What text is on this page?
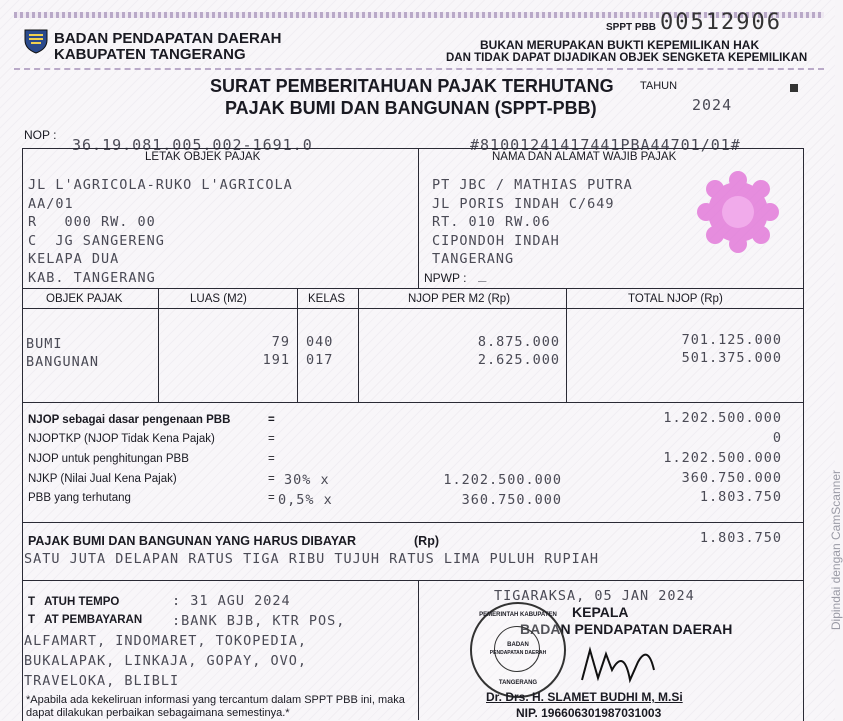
BADAN PENDAPATAN DAERAH
KABUPATEN TANGERANG
SPPT PBB 00512906
BUKAN MERUPAKAN BUKTI KEPEMILIKAN HAK
DAN TIDAK DAPAT DIJADIKAN OBJEK SENGKETA KEPEMILIKAN
SURAT PEMBERITAHUAN PAJAK TERHUTANG
PAJAK BUMI DAN BANGUNAN (SPPT-PBB)
TAHUN
2024
NOP :
36.19.081.005.002-1691.0	#81001241417441PBA44701/01#
LETAK OBJEK PAJAK	NAMA DAN ALAMAT WAJIB PAJAK
JL L'AGRICOLA-RUKO L'AGRICOLA
AA/01
R   000 RW. 00
C  JG SANGERENG
KELAPA DUA
KAB. TANGERANG
PT JBC / MATHIAS PUTRA
JL PORIS INDAH C/649
RT. 010 RW.06
CIPONDOH INDAH
TANGERANG
NPWP : _
OBJEK PAJAK	LUAS (M2)	KELAS	NJOP PER M2 (Rp)	TOTAL NJOP (Rp)
BUMI	79 040	8.875.000	701.125.000
BANGUNAN	191 017	2.625.000	501.375.000
NJOP sebagai dasar pengenaan PBB	=	1.202.500.000
NJOPTKP (NJOP Tidak Kena Pajak)	=	0
NJOP untuk penghitungan PBB	=	1.202.500.000
NJKP (Nilai Jual Kena Pajak)	= 30% x	1.202.500.000	360.750.000
PBB yang terhutang	= 0,5% x	360.750.000	1.803.750
PAJAK BUMI DAN BANGUNAN YANG HARUS DIBAYAR	(Rp)	1.803.750
SATU JUTA DELAPAN RATUS TIGA RIBU TUJUH RATUS LIMA PULUH RUPIAH
T   ATUH TEMPO	: 31 AGU 2024
T   AT PEMBAYARAN :BANK BJB, KTR POS,
ALFAMART, INDOMARET, TOKOPEDIA,
BUKALAPAK, LINKAJA, GOPAY, OVO,
TRAVELOKA, BLIBLI
*Apabila ada kekeliruan informasi yang tercantum dalam SPPT PBB ini, maka dapat dilakukan perbaikan sebagaimana semestinya.*
TIGARAKSA, 05 JAN 2024
KEPALA
BADAN PENDAPATAN DAERAH
PEMERINTAH KABUPATEN
BADAN
PENDAPATAN DAERAH
TANGERANG
Dr. Drs. H. SLAMET BUDHI M, M.Si
NIP. 196606301987031003
Dipindai dengan CamScanner
